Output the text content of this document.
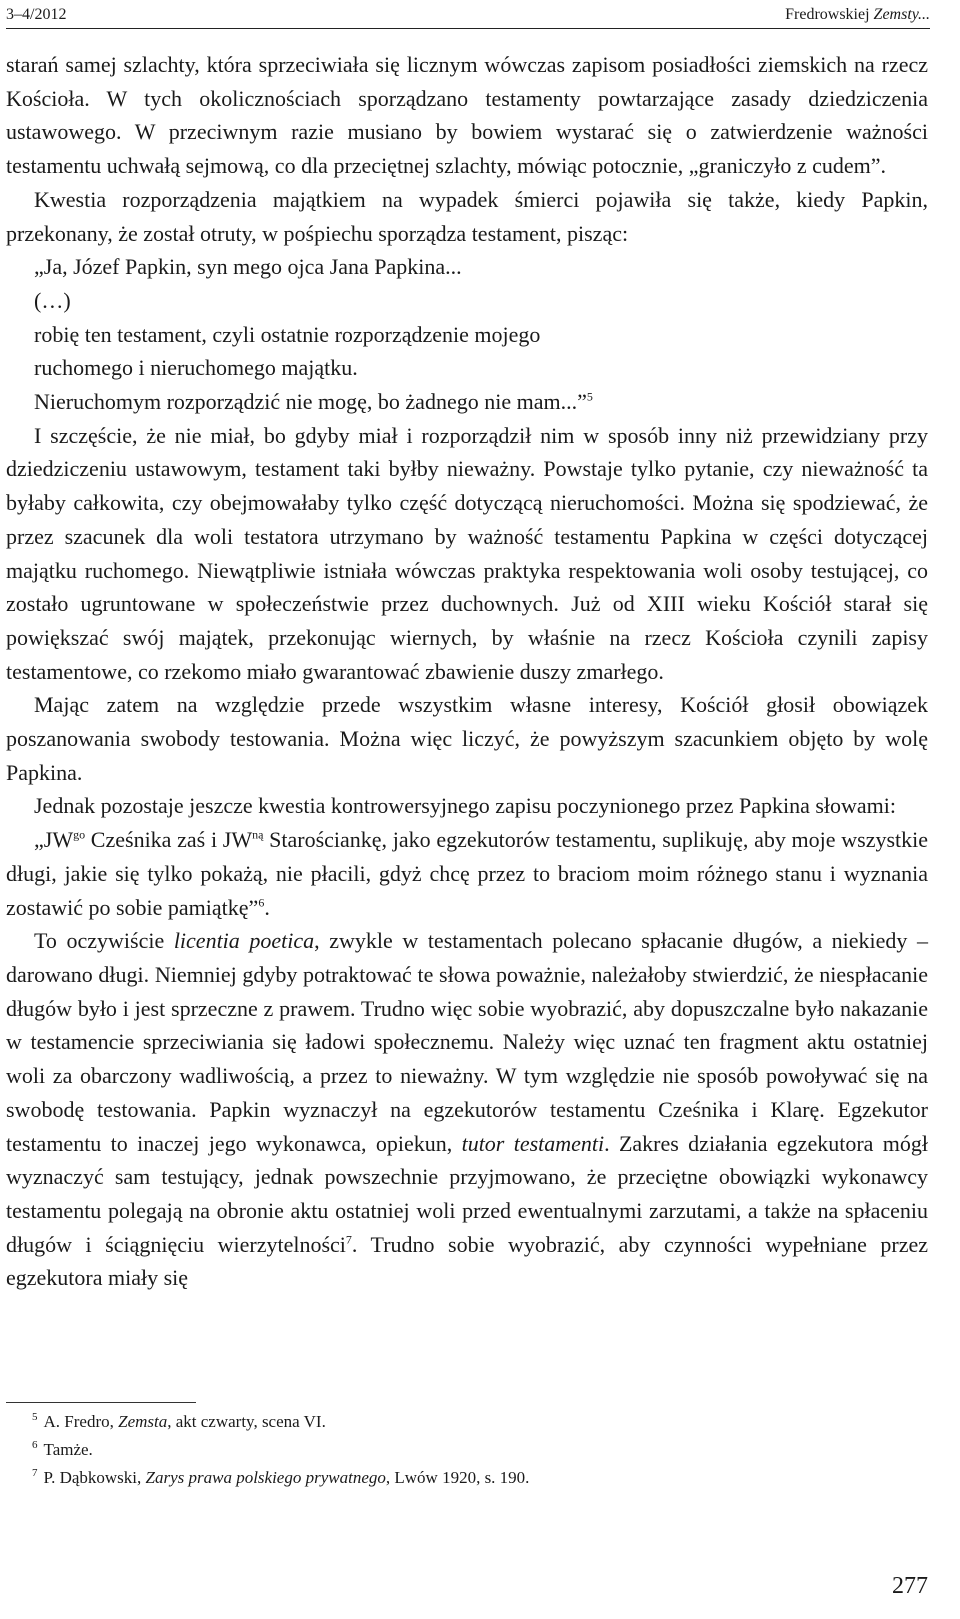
3–4/2012	Fredrowskiej Zemsty...

starań samej szlachty, która sprzeciwiała się licznym wówczas zapisom posiadłości ziemskich na rzecz Kościoła. W tych okolicznościach sporządzano testamenty powtarzające zasady dziedziczenia ustawowego. W przeciwnym razie musiano by bowiem wystarać się o zatwierdzenie ważności testamentu uchwałą sejmową, co dla przeciętnej szlachty, mówiąc potocznie, „graniczyło z cudem”.

Kwestia rozporządzenia majątkiem na wypadek śmierci pojawiła się także, kiedy Papkin, przekonany, że został otruty, w pośpiechu sporządza testament, pisząc:

„Ja, Józef Papkin, syn mego ojca Jana Papkina...

(…)

robię ten testament, czyli ostatnie rozporządzenie mojego

ruchomego i nieruchomego majątku.

Nieruchomym rozporządzić nie mogę, bo żadnego nie mam...”$^5$

I szczęście, że nie miał, bo gdyby miał i rozporządził nim w sposób inny niż przewidziany przy dziedziczeniu ustawowym, testament taki byłby nieważny. Powstaje tylko pytanie, czy nieważność ta byłaby całkowita, czy obejmowałaby tylko część dotyczącą nieruchomości. Można się spodziewać, że przez szacunek dla woli testatora utrzymano by ważność testamentu Papkina w części dotyczącej majątku ruchomego. Niewątpliwie istniała wówczas praktyka respektowania woli osoby testującej, co zostało ugruntowane w społeczeństwie przez duchownych. Już od XIII wieku Kościół starał się powiększać swój majątek, przekonując wiernych, by właśnie na rzecz Kościoła czynili zapisy testamentowe, co rzekomo miało gwarantować zbawienie duszy zmarłego.

Mając zatem na względzie przede wszystkim własne interesy, Kościół głosił obowiązek poszanowania swobody testowania. Można więc liczyć, że powyższym szacunkiem objęto by wolę Papkina.

Jednak pozostaje jeszcze kwestia kontrowersyjnego zapisu poczynionego przez Papkina słowami:

$„JW^{go}$ Cześnika zaś i $JW^{ną}$ Starościankę, jako egzekutorów testamentu, suplikuję, aby moje wszystkie długi, jakie się tylko pokażą, nie płacili, gdyż chcę przez to braciom moim różnego stanu i wyznania zostawić po sobie pamiątkę”$^6$.

To oczywiście licentia poetica, zwykle w testamentach polecano spłacanie długów, a niekiedy – darowano długi. Niemniej gdyby potraktować te słowa poważnie, należałoby stwierdzić, że niespłacanie długów było i jest sprzeczne z prawem. Trudno więc sobie wyobrazić, aby dopuszczalne było nakazanie w testamencie sprzeciwiania się ładowi społecznemu. Należy więc uznać ten fragment aktu ostatniej woli za obarczony wadliwością, a przez to nieważny. W tym względzie nie sposób powoływać się na swobodę testowania. Papkin wyznaczył na egzekutorów testamentu Cześnika i Klarę. Egzekutor testamentu to inaczej jego wykonawca, opiekun, tutor testamenti. Zakres działania egzekutora mógł wyznaczyć sam testujący, jednak powszechnie przyjmowano, że przeciętne obowiązki wykonawcy testamentu polegają na obronie aktu ostatniej woli przed ewentualnymi zarzutami, a także na spłaceniu długów i ściągnięciu wierzytelności$^7$. Trudno sobie wyobrazić, aby czynności wypełniane przez egzekutora miały się

$^5$ A. Fredro, Zemsta, akt czwarty, scena VI.

$^6$ Tamże.

$^7$ P. Dąbkowski, Zarys prawa polskiego prywatnego, Lwów 1920, s. 190.

277
